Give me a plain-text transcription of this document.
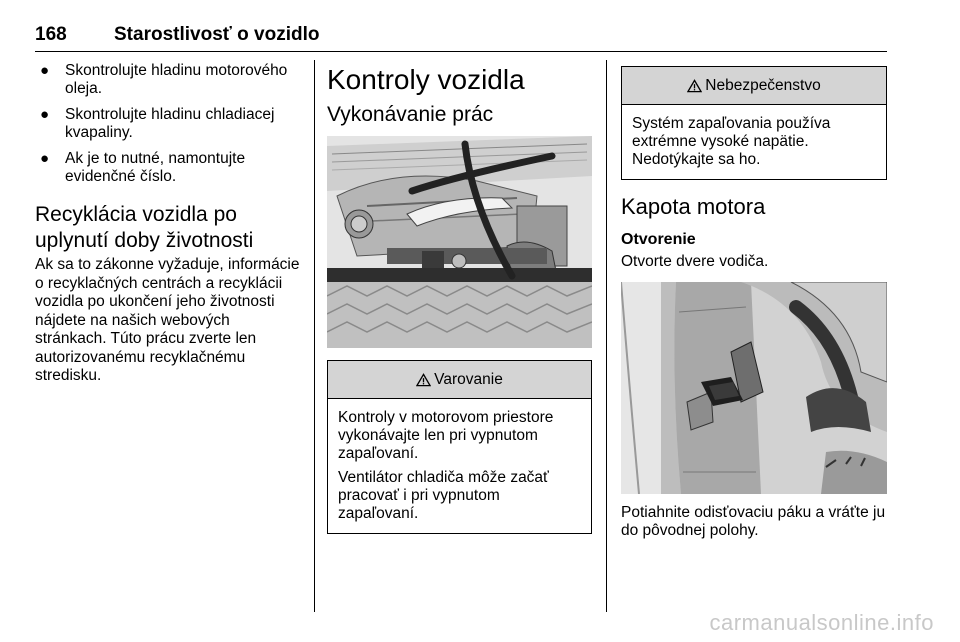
168 Starostlivosť o vozidlo
● Skontrolujte hladinu motorového oleja.
● Skontrolujte hladinu chladiacej kvapaliny.
● Ak je to nutné, namontujte evidenčné číslo.
Recyklácia vozidla po uplynutí doby životnosti

Ak sa to zákonne vyžaduje, informácie o recyklačných centrách a recyklácii vozidla po ukončení jeho životnosti nájdete na našich webových stránkach. Túto prácu zverte len autorizovanému recyklačnému stredisku.

Kontroly vozidla
Vykonávanie prác
Varovanie

Kontroly v motorovom priestore vykonávajte len pri vypnutom zapaľovaní.

Ventilátor chladiča môže začať pracovať i pri vypnutom zapaľovaní.

Nebezpečenstvo

Systém zapaľovania používa extrémne vysoké napätie. Nedotýkajte sa ho.

Kapota motora
Otvorenie

Otvorte dvere vodiča.

Potiahnite odisťovaciu páku a vráťte ju do pôvodnej polohy.

carmanualsonline.info
